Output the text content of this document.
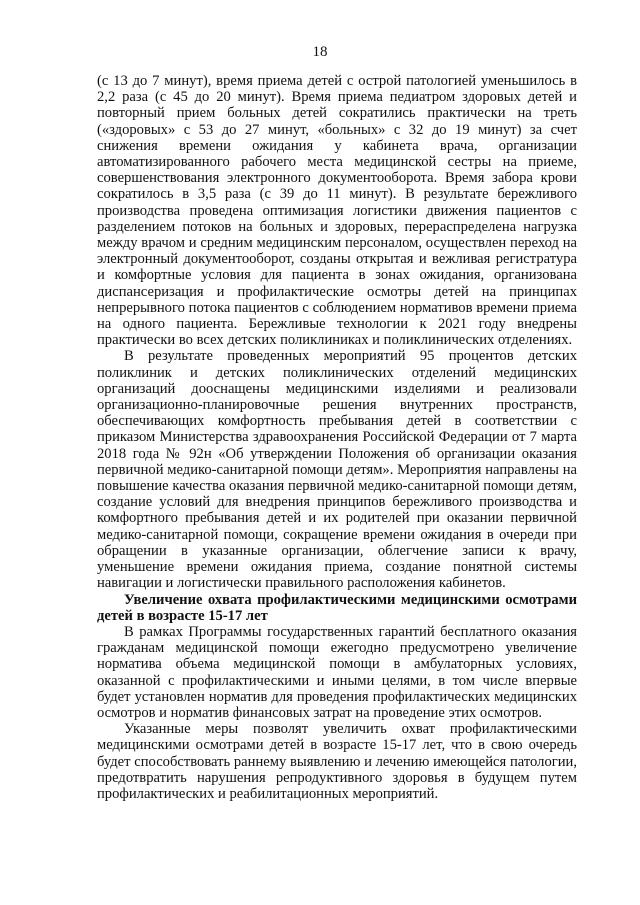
18

(с 13 до 7 минут), время приема детей с острой патологией уменьшилось в 2,2 раза (с 45 до 20 минут). Время приема педиатром здоровых детей и повторный прием больных детей сократились практически на треть («здоровых» с 53 до 27 минут, «больных» с 32 до 19 минут) за счет снижения времени ожидания у кабинета врача, организации автоматизированного рабочего места медицинской сестры на приеме, совершенствования электронного документооборота. Время забора крови сократилось в 3,5 раза (с 39 до 11 минут). В результате бережливого производства проведена оптимизация логистики движения пациентов с разделением потоков на больных и здоровых, перераспределена нагрузка между врачом и средним медицинским персоналом, осуществлен переход на электронный документооборот, созданы открытая и вежливая регистратура и комфортные условия для пациента в зонах ожидания, организована диспансеризация и профилактические осмотры детей на принципах непрерывного потока пациентов с соблюдением нормативов времени приема на одного пациента. Бережливые технологии к 2021 году внедрены практически во всех детских поликлиниках и поликлинических отделениях.

В результате проведенных мероприятий 95 процентов детских поликлиник и детских поликлинических отделений медицинских организаций дооснащены медицинскими изделиями и реализовали организационно-планировочные решения внутренних пространств, обеспечивающих комфортность пребывания детей в соответствии с приказом Министерства здравоохранения Российской Федерации от 7 марта 2018 года № 92н «Об утверждении Положения об организации оказания первичной медико-санитарной помощи детям». Мероприятия направлены на повышение качества оказания первичной медико-санитарной помощи детям, создание условий для внедрения принципов бережливого производства и комфортного пребывания детей и их родителей при оказании первичной медико-санитарной помощи, сокращение времени ожидания в очереди при обращении в указанные организации, облегчение записи к врачу, уменьшение времени ожидания приема, создание понятной системы навигации и логистически правильного расположения кабинетов.

Увеличение охвата профилактическими медицинскими осмотрами детей в возрасте 15-17 лет

В рамках Программы государственных гарантий бесплатного оказания гражданам медицинской помощи ежегодно предусмотрено увеличение норматива объема медицинской помощи в амбулаторных условиях, оказанной с профилактическими и иными целями, в том числе впервые будет установлен норматив для проведения профилактических медицинских осмотров и норматив финансовых затрат на проведение этих осмотров.

Указанные меры позволят увеличить охват профилактическими медицинскими осмотрами детей в возрасте 15-17 лет, что в свою очередь будет способствовать раннему выявлению и лечению имеющейся патологии, предотвратить нарушения репродуктивного здоровья в будущем путем профилактических и реабилитационных мероприятий.
